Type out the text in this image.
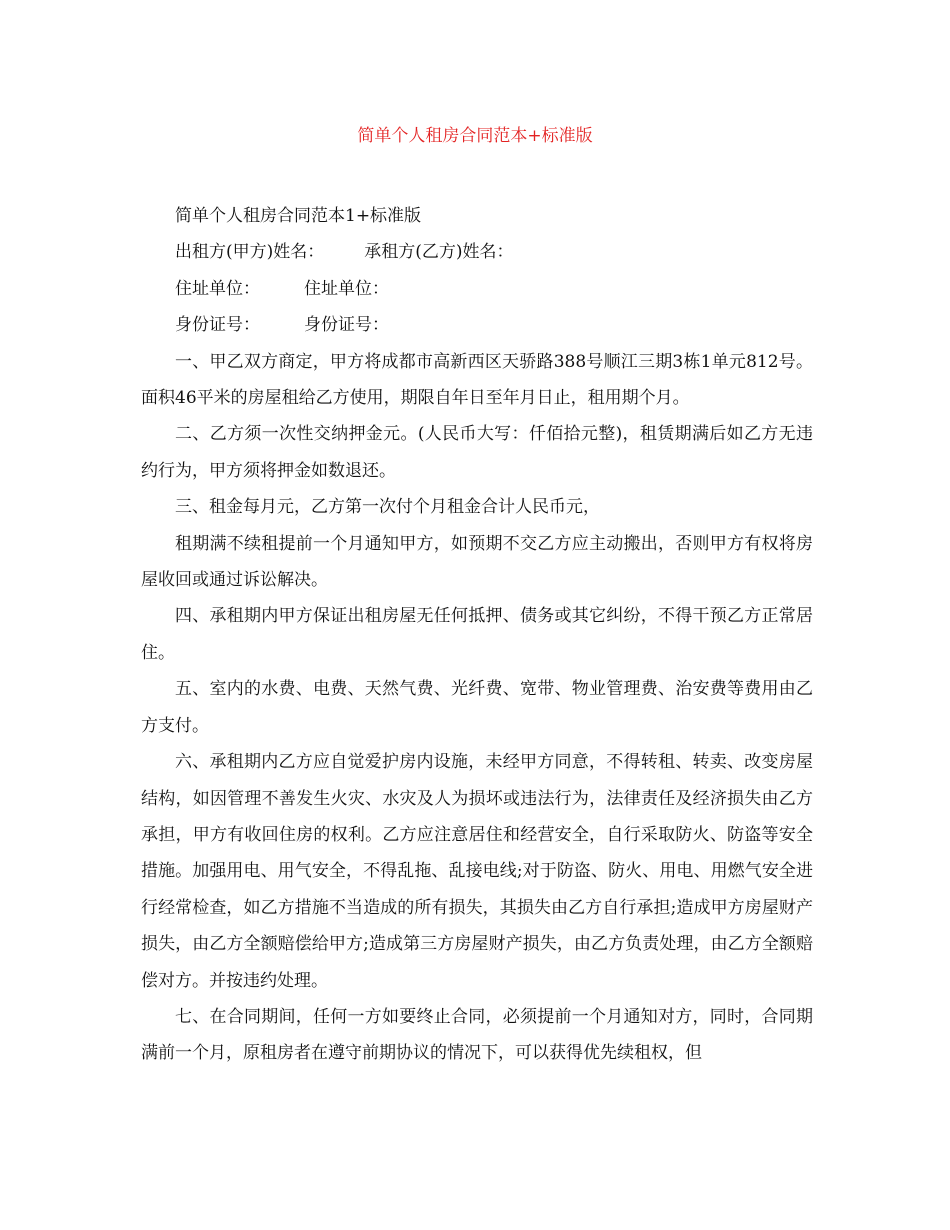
简单个人租房合同范本+标准版

简单个人租房合同范本1+标准版

出租方(甲方)姓名： 承租方(乙方)姓名：

住址单位：	住址单位：

身份证号：	身份证号：

一、甲乙双方商定，甲方将成都市高新西区天骄路388号顺江三期3栋1单元812号。面积46平米的房屋租给乙方使用，期限自年日至年月日止，租用期个月。

二、乙方须一次性交纳押金元。(人民币大写：仟佰拾元整)，租赁期满后如乙方无违约行为，甲方须将押金如数退还。

三、租金每月元，乙方第一次付个月租金合计人民币元，

租期满不续租提前一个月通知甲方，如预期不交乙方应主动搬出，否则甲方有权将房屋收回或通过诉讼解决。

四、承租期内甲方保证出租房屋无任何抵押、债务或其它纠纷，不得干预乙方正常居住。

五、室内的水费、电费、天然气费、光纤费、宽带、物业管理费、治安费等费用由乙方支付。

六、承租期内乙方应自觉爱护房内设施，未经甲方同意，不得转租、转卖、改变房屋结构，如因管理不善发生火灾、水灾及人为损坏或违法行为，法律责任及经济损失由乙方承担，甲方有收回住房的权利。乙方应注意居住和经营安全，自行采取防火、防盗等安全措施。加强用电、用气安全，不得乱拖、乱接电线;对于防盗、防火、用电、用燃气安全进行经常检查，如乙方措施不当造成的所有损失，其损失由乙方自行承担;造成甲方房屋财产损失，由乙方全额赔偿给甲方;造成第三方房屋财产损失，由乙方负责处理，由乙方全额赔偿对方。并按违约处理。

七、在合同期间，任何一方如要终止合同，必须提前一个月通知对方，同时，合同期满前一个月，原租房者在遵守前期协议的情况下，可以获得优先续租权，但
